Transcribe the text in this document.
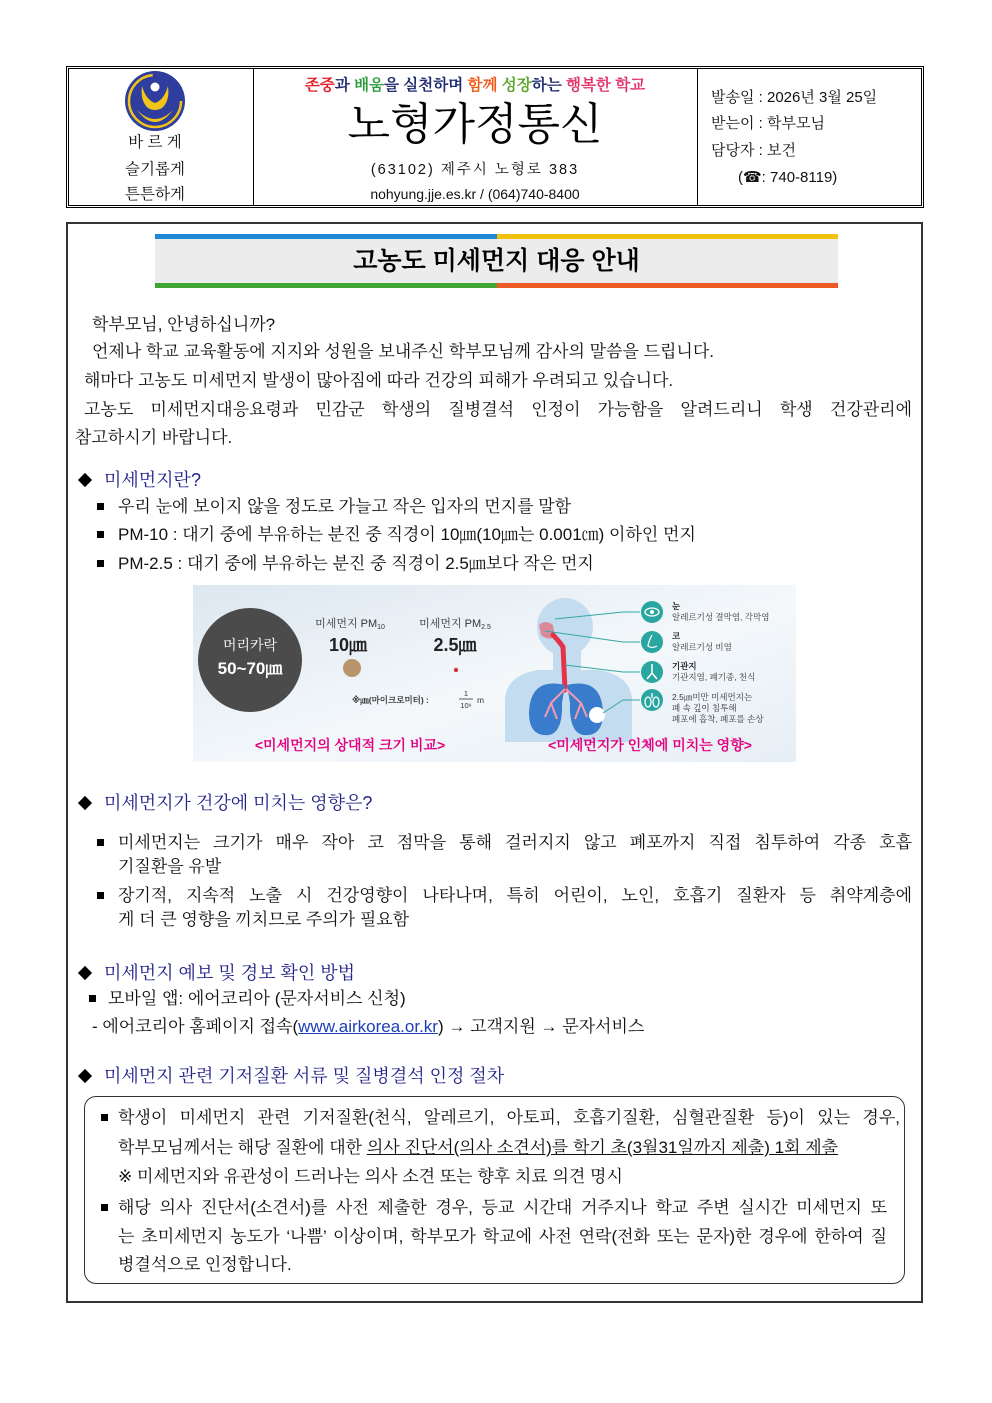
바 르 게
슬기롭게
튼튼하게
존중과 배움을 실천하며 함께 성장하는 행복한 학교
노형가정통신
(63102) 제주시 노형로 383
nohyung.jje.es.kr / (064)740-8400
발송일 : 2026년 3월 25일
받는이 : 학부모님
담당자 : 보건
(☎: 740-8119)
고농도 미세먼지 대응 안내
학부모님, 안녕하십니까?
언제나 학교 교육활동에 지지와 성원을 보내주신 학부모님께 감사의 말씀을 드립니다.
해마다 고농도 미세먼지 발생이 많아짐에 따라 건강의 피해가 우려되고 있습니다.
고농도 미세먼지대응요령과 민감군 학생의 질병결석 인정이 가능함을 알려드리니 학생 건강관리에
참고하시기 바랍니다.
미세먼지란?
우리 눈에 보이지 않을 정도로 가늘고 작은 입자의 먼지를 말함
PM-10 : 대기 중에 부유하는 분진 중 직경이 10㎛(10㎛는 0.001㎝) 이하인 먼지
PM-2.5 : 대기 중에 부유하는 분진 중 직경이 2.5㎛보다 작은 먼지
머리카락
50~70㎛
미세먼지 PM10
10㎛
미세먼지 PM2.5
2.5㎛
※㎛(마이크로미터) :
1
10⁶
m
<미세먼지의 상대적 크기 비교>
눈
알레르기성 결막염, 각막염
코
알레르기성 비염
기관지
기관지염, 폐기종, 천식
2.5㎛미만 미세먼지는
폐 속 깊이 침투해
폐포에 흡착, 폐포를 손상
<미세먼지가 인체에 미치는 영향>
미세먼지가 건강에 미치는 영향은?
미세먼지는 크기가 매우 작아 코 점막을 통해 걸러지지 않고 폐포까지 직접 침투하여 각종 호흡
기질환을 유발
장기적, 지속적 노출 시 건강영향이 나타나며, 특히 어린이, 노인, 호흡기 질환자 등 취약계층에
게 더 큰 영향을 끼치므로 주의가 필요함
미세먼지 예보 및 경보 확인 방법
모바일 앱: 에어코리아 (문자서비스 신청)
- 에어코리아 홈페이지 접속(www.airkorea.or.kr) → 고객지원 → 문자서비스
미세먼지 관련 기저질환 서류 및 질병결석 인정 절차
학생이 미세먼지 관련 기저질환(천식, 알레르기, 아토피, 호흡기질환, 심혈관질환 등)이 있는 경우,
학부모님께서는 해당 질환에 대한 의사 진단서(의사 소견서)를 학기 초(3월31일까지 제출) 1회 제출
※ 미세먼지와 유관성이 드러나는 의사 소견 또는 향후 치료 의견 명시
해당 의사 진단서(소견서)를 사전 제출한 경우, 등교 시간대 거주지나 학교 주변 실시간 미세먼지 또
는 초미세먼지 농도가 ‘나쁨’ 이상이며, 학부모가 학교에 사전 연락(전화 또는 문자)한 경우에 한하여 질
병결석으로 인정합니다.
